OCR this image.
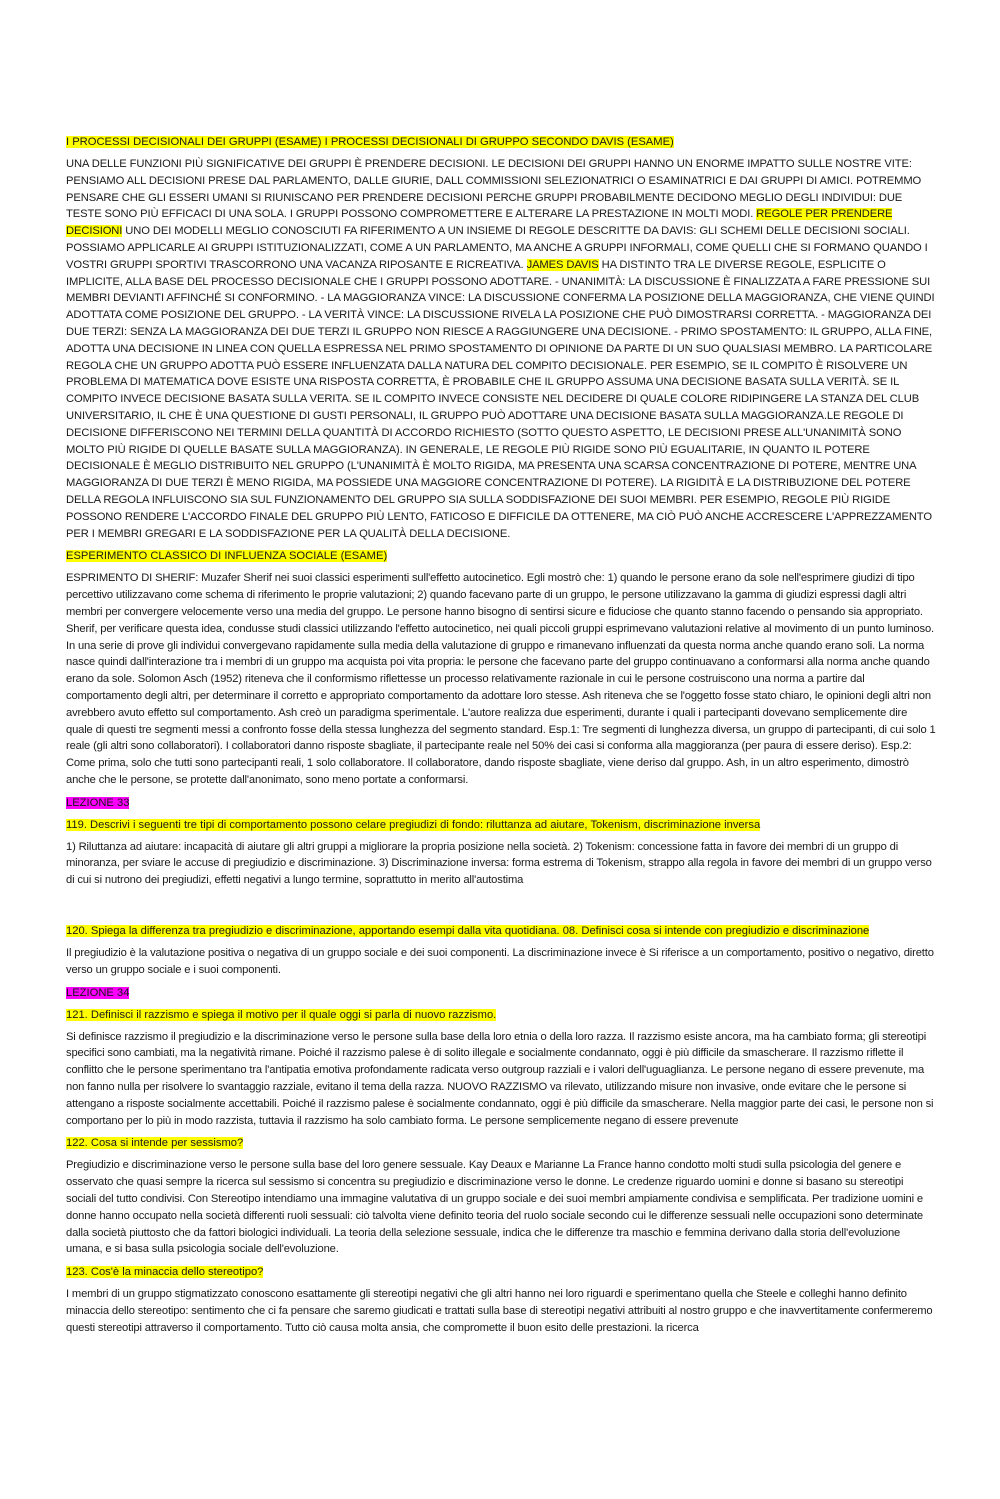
I PROCESSI DECISIONALI DEI GRUPPI (ESAME) I PROCESSI DECISIONALI DI GRUPPO SECONDO DAVIS (ESAME)
UNA DELLE FUNZIONI PIÙ SIGNIFICATIVE DEI GRUPPI È PRENDERE DECISIONI. LE DECISIONI DEI GRUPPI HANNO UN ENORME IMPATTO SULLE NOSTRE VITE: PENSIAMO ALL DECISIONI PRESE DAL PARLAMENTO, DALLE GIURIE, DALL COMMISSIONI SELEZIONATRICI O ESAMINATRICI E DAI GRUPPI DI AMICI. POTREMMO PENSARE CHE GLI ESSERI UMANI SI RIUNISCANO PER PRENDERE DECISIONI PERCHE GRUPPI PROBABILMENTE DECIDONO MEGLIO DEGLI INDIVIDUI: DUE TESTE SONO PIÙ EFFICACI DI UNA SOLA. I GRUPPI POSSONO COMPROMETTERE E ALTERARE LA PRESTAZIONE IN MOLTI MODI. REGOLE PER PRENDERE DECISIONI UNO DEI MODELLI MEGLIO CONOSCIUTI FA RIFERIMENTO A UN INSIEME DI REGOLE DESCRITTE DA DAVIS: GLI SCHEMI DELLE DECISIONI SOCIALI. POSSIAMO APPLICARLE AI GRUPPI ISTITUZIONALIZZATI, COME A UN PARLAMENTO, MA ANCHE A GRUPPI INFORMALI, COME QUELLI CHE SI FORMANO QUANDO I VOSTRI GRUPPI SPORTIVI TRASCORRONO UNA VACANZA RIPOSANTE E RICREATIVA. JAMES DAVIS HA DISTINTO TRA LE DIVERSE REGOLE, ESPLICITE O IMPLICITE, ALLA BASE DEL PROCESSO DECISIONALE CHE I GRUPPI POSSONO ADOTTARE. - UNANIMITÀ: LA DISCUSSIONE È FINALIZZATA A FARE PRESSIONE SUI MEMBRI DEVIANTI AFFINCHÉ SI CONFORMINO. - LA MAGGIORANZA VINCE: LA DISCUSSIONE CONFERMA LA POSIZIONE DELLA MAGGIORANZA, CHE VIENE QUINDI ADOTTATA COME POSIZIONE DEL GRUPPO. - LA VERITÀ VINCE: LA DISCUSSIONE RIVELA LA POSIZIONE CHE PUÒ DIMOSTRARSI CORRETTA. - MAGGIORANZA DEI DUE TERZI: SENZA LA MAGGIORANZA DEI DUE TERZI IL GRUPPO NON RIESCE A RAGGIUNGERE UNA DECISIONE. - PRIMO SPOSTAMENTO: IL GRUPPO, ALLA FINE, ADOTTA UNA DECISIONE IN LINEA CON QUELLA ESPRESSA NEL PRIMO SPOSTAMENTO DI OPINIONE DA PARTE DI UN SUO QUALSIASI MEMBRO. LA PARTICOLARE REGOLA CHE UN GRUPPO ADOTTA PUÒ ESSERE INFLUENZATA DALLA NATURA DEL COMPITO DECISIONALE. PER ESEMPIO, SE IL COMPITO È RISOLVERE UN PROBLEMA DI MATEMATICA DOVE ESISTE UNA RISPOSTA CORRETTA, È PROBABILE CHE IL GRUPPO ASSUMA UNA DECISIONE BASATA SULLA VERITÀ. SE IL COMPITO INVECE DECISIONE BASATA SULLA VERITA. SE IL COMPITO INVECE CONSISTE NEL DECIDERE DI QUALE COLORE RIDIPINGERE LA STANZA DEL CLUB UNIVERSITARIO, IL CHE È UNA QUESTIONE DI GUSTI PERSONALI, IL GRUPPO PUÒ ADOTTARE UNA DECISIONE BASATA SULLA MAGGIORANZA.LE REGOLE DI DECISIONE DIFFERISCONO NEI TERMINI DELLA QUANTITÀ DI ACCORDO RICHIESTO (SOTTO QUESTO ASPETTO, LE DECISIONI PRESE ALL'UNANIMITÀ SONO MOLTO PIÙ RIGIDE DI QUELLE BASATE SULLA MAGGIORANZA). IN GENERALE, LE REGOLE PIÙ RIGIDE SONO PIÙ EGUALITARIE, IN QUANTO IL POTERE DECISIONALE È MEGLIO DISTRIBUITO NEL GRUPPO (L'UNANIMITÀ È MOLTO RIGIDA, MA PRESENTA UNA SCARSA CONCENTRAZIONE DI POTERE, MENTRE UNA MAGGIORANZA DI DUE TERZI È MENO RIGIDA, MA POSSIEDE UNA MAGGIORE CONCENTRAZIONE DI POTERE). LA RIGIDITÀ E LA DISTRIBUZIONE DEL POTERE DELLA REGOLA INFLUISCONO SIA SUL FUNZIONAMENTO DEL GRUPPO SIA SULLA SODDISFAZIONE DEI SUOI MEMBRI. PER ESEMPIO, REGOLE PIÙ RIGIDE POSSONO RENDERE L'ACCORDO FINALE DEL GRUPPO PIÙ LENTO, FATICOSO E DIFFICILE DA OTTENERE, MA CIÒ PUÒ ANCHE ACCRESCERE L'APPREZZAMENTO PER I MEMBRI GREGARI E LA SODDISFAZIONE PER LA QUALITÀ DELLA DECISIONE.
ESPERIMENTO CLASSICO DI INFLUENZA SOCIALE (ESAME)
ESPRIMENTO DI SHERIF: Muzafer Sherif nei suoi classici esperimenti sull'effetto autocinetico. Egli mostrò che: 1) quando le persone erano da sole nell'esprimere giudizi di tipo percettivo utilizzavano come schema di riferimento le proprie valutazioni; 2) quando facevano parte di un gruppo, le persone utilizzavano la gamma di giudizi espressi dagli altri membri per convergere velocemente verso una media del gruppo. Le persone hanno bisogno di sentirsi sicure e fiduciose che quanto stanno facendo o pensando sia appropriato. Sherif, per verificare questa idea, condusse studi classici utilizzando l'effetto autocinetico, nei quali piccoli gruppi esprimevano valutazioni relative al movimento di un punto luminoso. In una serie di prove gli individui convergevano rapidamente sulla media della valutazione di gruppo e rimanevano influenzati da questa norma anche quando erano soli. La norma nasce quindi dall'interazione tra i membri di un gruppo ma acquista poi vita propria: le persone che facevano parte del gruppo continuavano a conformarsi alla norma anche quando erano da sole. Solomon Asch (1952) riteneva che il conformismo riflettesse un processo relativamente razionale in cui le persone costruiscono una norma a partire dal comportamento degli altri, per determinare il corretto e appropriato comportamento da adottare loro stesse. Ash riteneva che se l'oggetto fosse stato chiaro, le opinioni degli altri non avrebbero avuto effetto sul comportamento. Ash creò un paradigma sperimentale. L'autore realizza due esperimenti, durante i quali i partecipanti dovevano semplicemente dire quale di questi tre segmenti messi a confronto fosse della stessa lunghezza del segmento standard. Esp.1: Tre segmenti di lunghezza diversa, un gruppo di partecipanti, di cui solo 1 reale (gli altri sono collaboratori). I collaboratori danno risposte sbagliate, il partecipante reale nel 50% dei casi si conforma alla maggioranza (per paura di essere deriso). Esp.2: Come prima, solo che tutti sono partecipanti reali, 1 solo collaboratore. Il collaboratore, dando risposte sbagliate, viene deriso dal gruppo. Ash, in un altro esperimento, dimostrò anche che le persone, se protette dall'anonimato, sono meno portate a conformarsi.
LEZIONE 33
119. Descrivi i seguenti tre tipi di comportamento possono celare pregiudizi di fondo: riluttanza ad aiutare, Tokenism, discriminazione inversa
1) Riluttanza ad aiutare: incapacità di aiutare gli altri gruppi a migliorare la propria posizione nella società. 2) Tokenism: concessione fatta in favore dei membri di un gruppo di minoranza, per sviare le accuse di pregiudizio e discriminazione. 3) Discriminazione inversa: forma estrema di Tokenism, strappo alla regola in favore dei membri di un gruppo verso di cui si nutrono dei pregiudizi, effetti negativi a lungo termine, soprattutto in merito all'autostima
120. Spiega la differenza tra pregiudizio e discriminazione, apportando esempi dalla vita quotidiana. 08. Definisci cosa si intende con pregiudizio e discriminazione
Il pregiudizio è la valutazione positiva o negativa di un gruppo sociale e dei suoi componenti. La discriminazione invece è Si riferisce a un comportamento, positivo o negativo, diretto verso un gruppo sociale e i suoi componenti.
LEZIONE 34
121. Definisci il razzismo e spiega il motivo per il quale oggi si parla di nuovo razzismo.
Si definisce razzismo il pregiudizio e la discriminazione verso le persone sulla base della loro etnia o della loro razza. Il razzismo esiste ancora, ma ha cambiato forma; gli stereotipi specifici sono cambiati, ma la negatività rimane. Poiché il razzismo palese è di solito illegale e socialmente condannato, oggi è più difficile da smascherare. Il razzismo riflette il conflitto che le persone sperimentano tra l'antipatia emotiva profondamente radicata verso outgroup razziali e i valori dell'uguaglianza. Le persone negano di essere prevenute, ma non fanno nulla per risolvere lo svantaggio razziale, evitano il tema della razza. NUOVO RAZZISMO va rilevato, utilizzando misure non invasive, onde evitare che le persone si attengano a risposte socialmente accettabili. Poiché il razzismo palese è socialmente condannato, oggi è più difficile da smascherare. Nella maggior parte dei casi, le persone non si comportano per lo più in modo razzista, tuttavia il razzismo ha solo cambiato forma. Le persone semplicemente negano di essere prevenute
122. Cosa si intende per sessismo?
Pregiudizio e discriminazione verso le persone sulla base del loro genere sessuale. Kay Deaux e Marianne La France hanno condotto molti studi sulla psicologia del genere e osservato che quasi sempre la ricerca sul sessismo si concentra su pregiudizio e discriminazione verso le donne. Le credenze riguardo uomini e donne si basano su stereotipi sociali del tutto condivisi. Con Stereotipo intendiamo una immagine valutativa di un gruppo sociale e dei suoi membri ampiamente condivisa e semplificata. Per tradizione uomini e donne hanno occupato nella società differenti ruoli sessuali: ciò talvolta viene definito teoria del ruolo sociale secondo cui le differenze sessuali nelle occupazioni sono determinate dalla società piuttosto che da fattori biologici individuali. La teoria della selezione sessuale, indica che le differenze tra maschio e femmina derivano dalla storia dell'evoluzione umana, e si basa sulla psicologia sociale dell'evoluzione.
123. Cos'è la minaccia dello stereotipo?
I membri di un gruppo stigmatizzato conoscono esattamente gli stereotipi negativi che gli altri hanno nei loro riguardi e sperimentano quella che Steele e colleghi hanno definito minaccia dello stereotipo: sentimento che ci fa pensare che saremo giudicati e trattati sulla base di stereotipi negativi attribuiti al nostro gruppo e che inavvertitamente confermeremo questi stereotipi attraverso il comportamento. Tutto ciò causa molta ansia, che compromette il buon esito delle prestazioni. la ricerca
